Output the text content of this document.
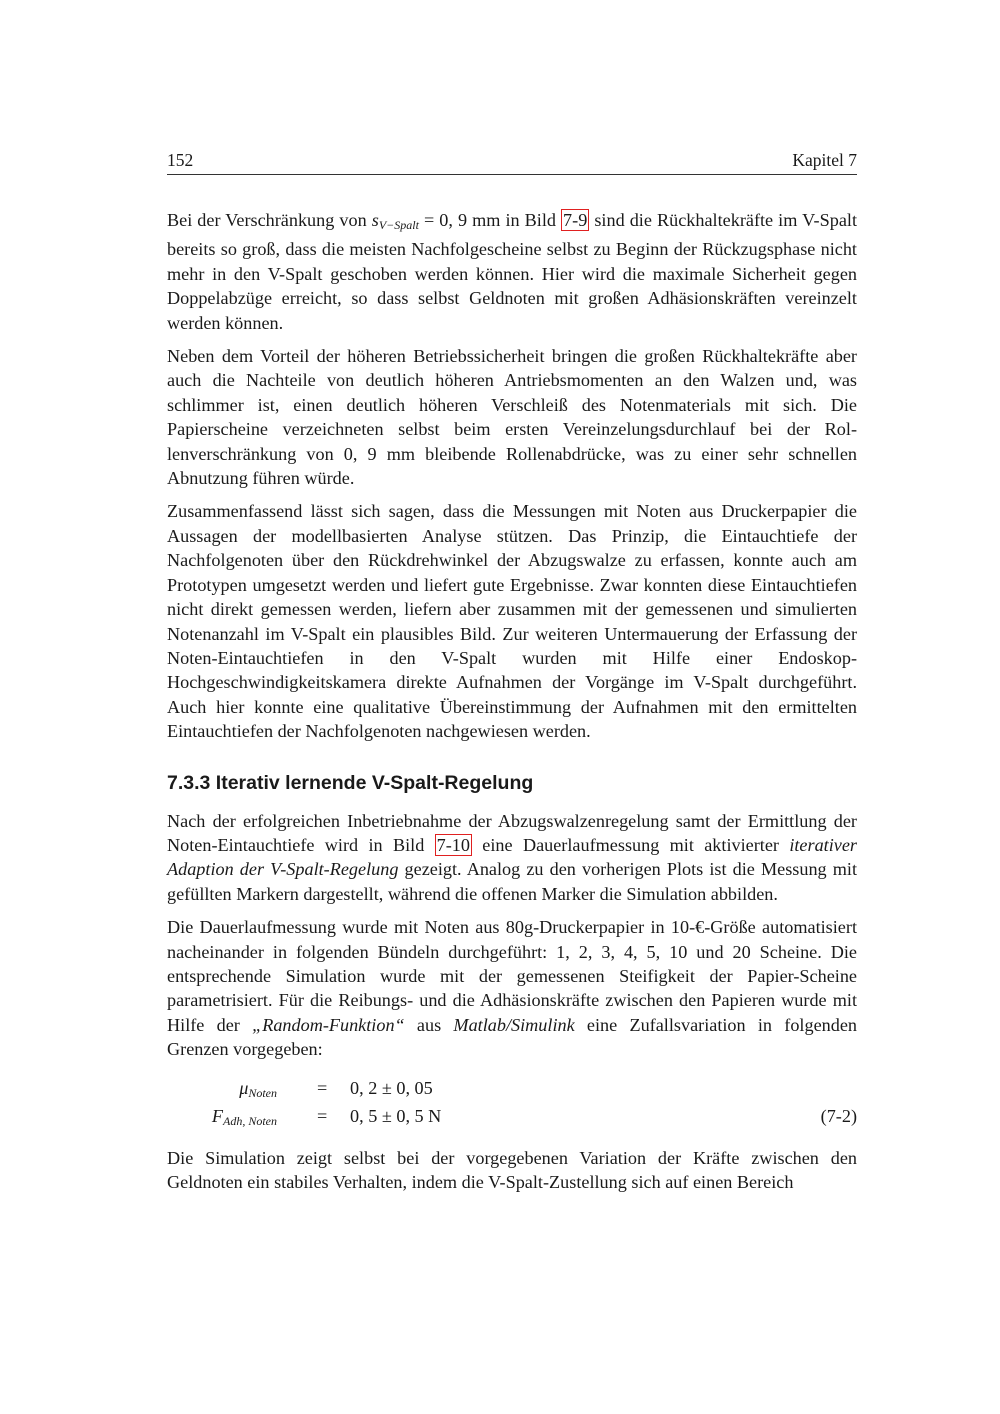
152	Kapitel 7

Bei der Verschränkung von $s_{V-Spalt} = 0$, 9 mm in Bild 7-9 sind die Rückhaltekräfte im V-Spalt bereits so groß, dass die meisten Nachfolgescheine selbst zu Beginn der Rückzugsphase nicht mehr in den V-Spalt geschoben werden können. Hier wird die maximale Sicherheit gegen Doppelabzüge erreicht, so dass selbst Geldnoten mit großen Adhäsionskräften vereinzelt werden können.

Neben dem Vorteil der höheren Betriebssicherheit bringen die großen Rückhaltekräfte aber auch die Nachteile von deutlich höheren Antriebsmomenten an den Walzen und, was schlimmer ist, einen deutlich höheren Verschleiß des Notenmaterials mit sich. Die Papierscheine verzeichneten selbst beim ersten Vereinzelungsdurchlauf bei der Rollenverschränkung von 0, 9 mm bleibende Rollenabdrücke, was zu einer sehr schnellen Abnutzung führen würde.

Zusammenfassend lässt sich sagen, dass die Messungen mit Noten aus Druckerpapier die Aussagen der modellbasierten Analyse stützen. Das Prinzip, die Eintauchtiefe der Nachfolgenoten über den Rückdrehwinkel der Abzugswalze zu erfassen, konnte auch am Prototypen umgesetzt werden und liefert gute Ergebnisse. Zwar konnten diese Eintauchtiefen nicht direkt gemessen werden, liefern aber zusammen mit der gemessenen und simulierten Notenanzahl im V-Spalt ein plausibles Bild. Zur weiteren Untermauerung der Erfassung der Noten-Eintauchtiefen in den V-Spalt wurden mit Hilfe einer Endoskop-Hochgeschwindigkeitskamera direkte Aufnahmen der Vorgänge im V-Spalt durchgeführt. Auch hier konnte eine qualitative Übereinstimmung der Aufnahmen mit den ermittelten Eintauchtiefen der Nachfolgenoten nachgewiesen werden.

7.3.3 Iterativ lernende V-Spalt-Regelung

Nach der erfolgreichen Inbetriebnahme der Abzugswalzenregelung samt der Ermittlung der Noten-Eintauchtiefe wird in Bild 7-10 eine Dauerlaufmessung mit aktivierter iterativer Adaption der V-Spalt-Regelung gezeigt. Analog zu den vorherigen Plots ist die Messung mit gefüllten Markern dargestellt, während die offenen Marker die Simulation abbilden.

Die Dauerlaufmessung wurde mit Noten aus 80g-Druckerpapier in 10-€-Größe automatisiert nacheinander in folgenden Bündeln durchgeführt: 1, 2, 3, 4, 5, 10 und 20 Scheine. Die entsprechende Simulation wurde mit der gemessenen Steifigkeit der Papier-Scheine parametrisiert. Für die Reibungs- und die Adhäsionskräfte zwischen den Papieren wurde mit Hilfe der „Random-Funktion“ aus Matlab/Simulink eine Zufallsvariation in folgenden Grenzen vorgegeben:

$\mu_{Noten} = 0$, 2 ± 0, 05
$F_{Adh, Noten} = 0$, 5 ± 0, 5 N	(7-2)

Die Simulation zeigt selbst bei der vorgegebenen Variation der Kräfte zwischen den Geldnoten ein stabiles Verhalten, indem die V-Spalt-Zustellung sich auf einen Bereich
